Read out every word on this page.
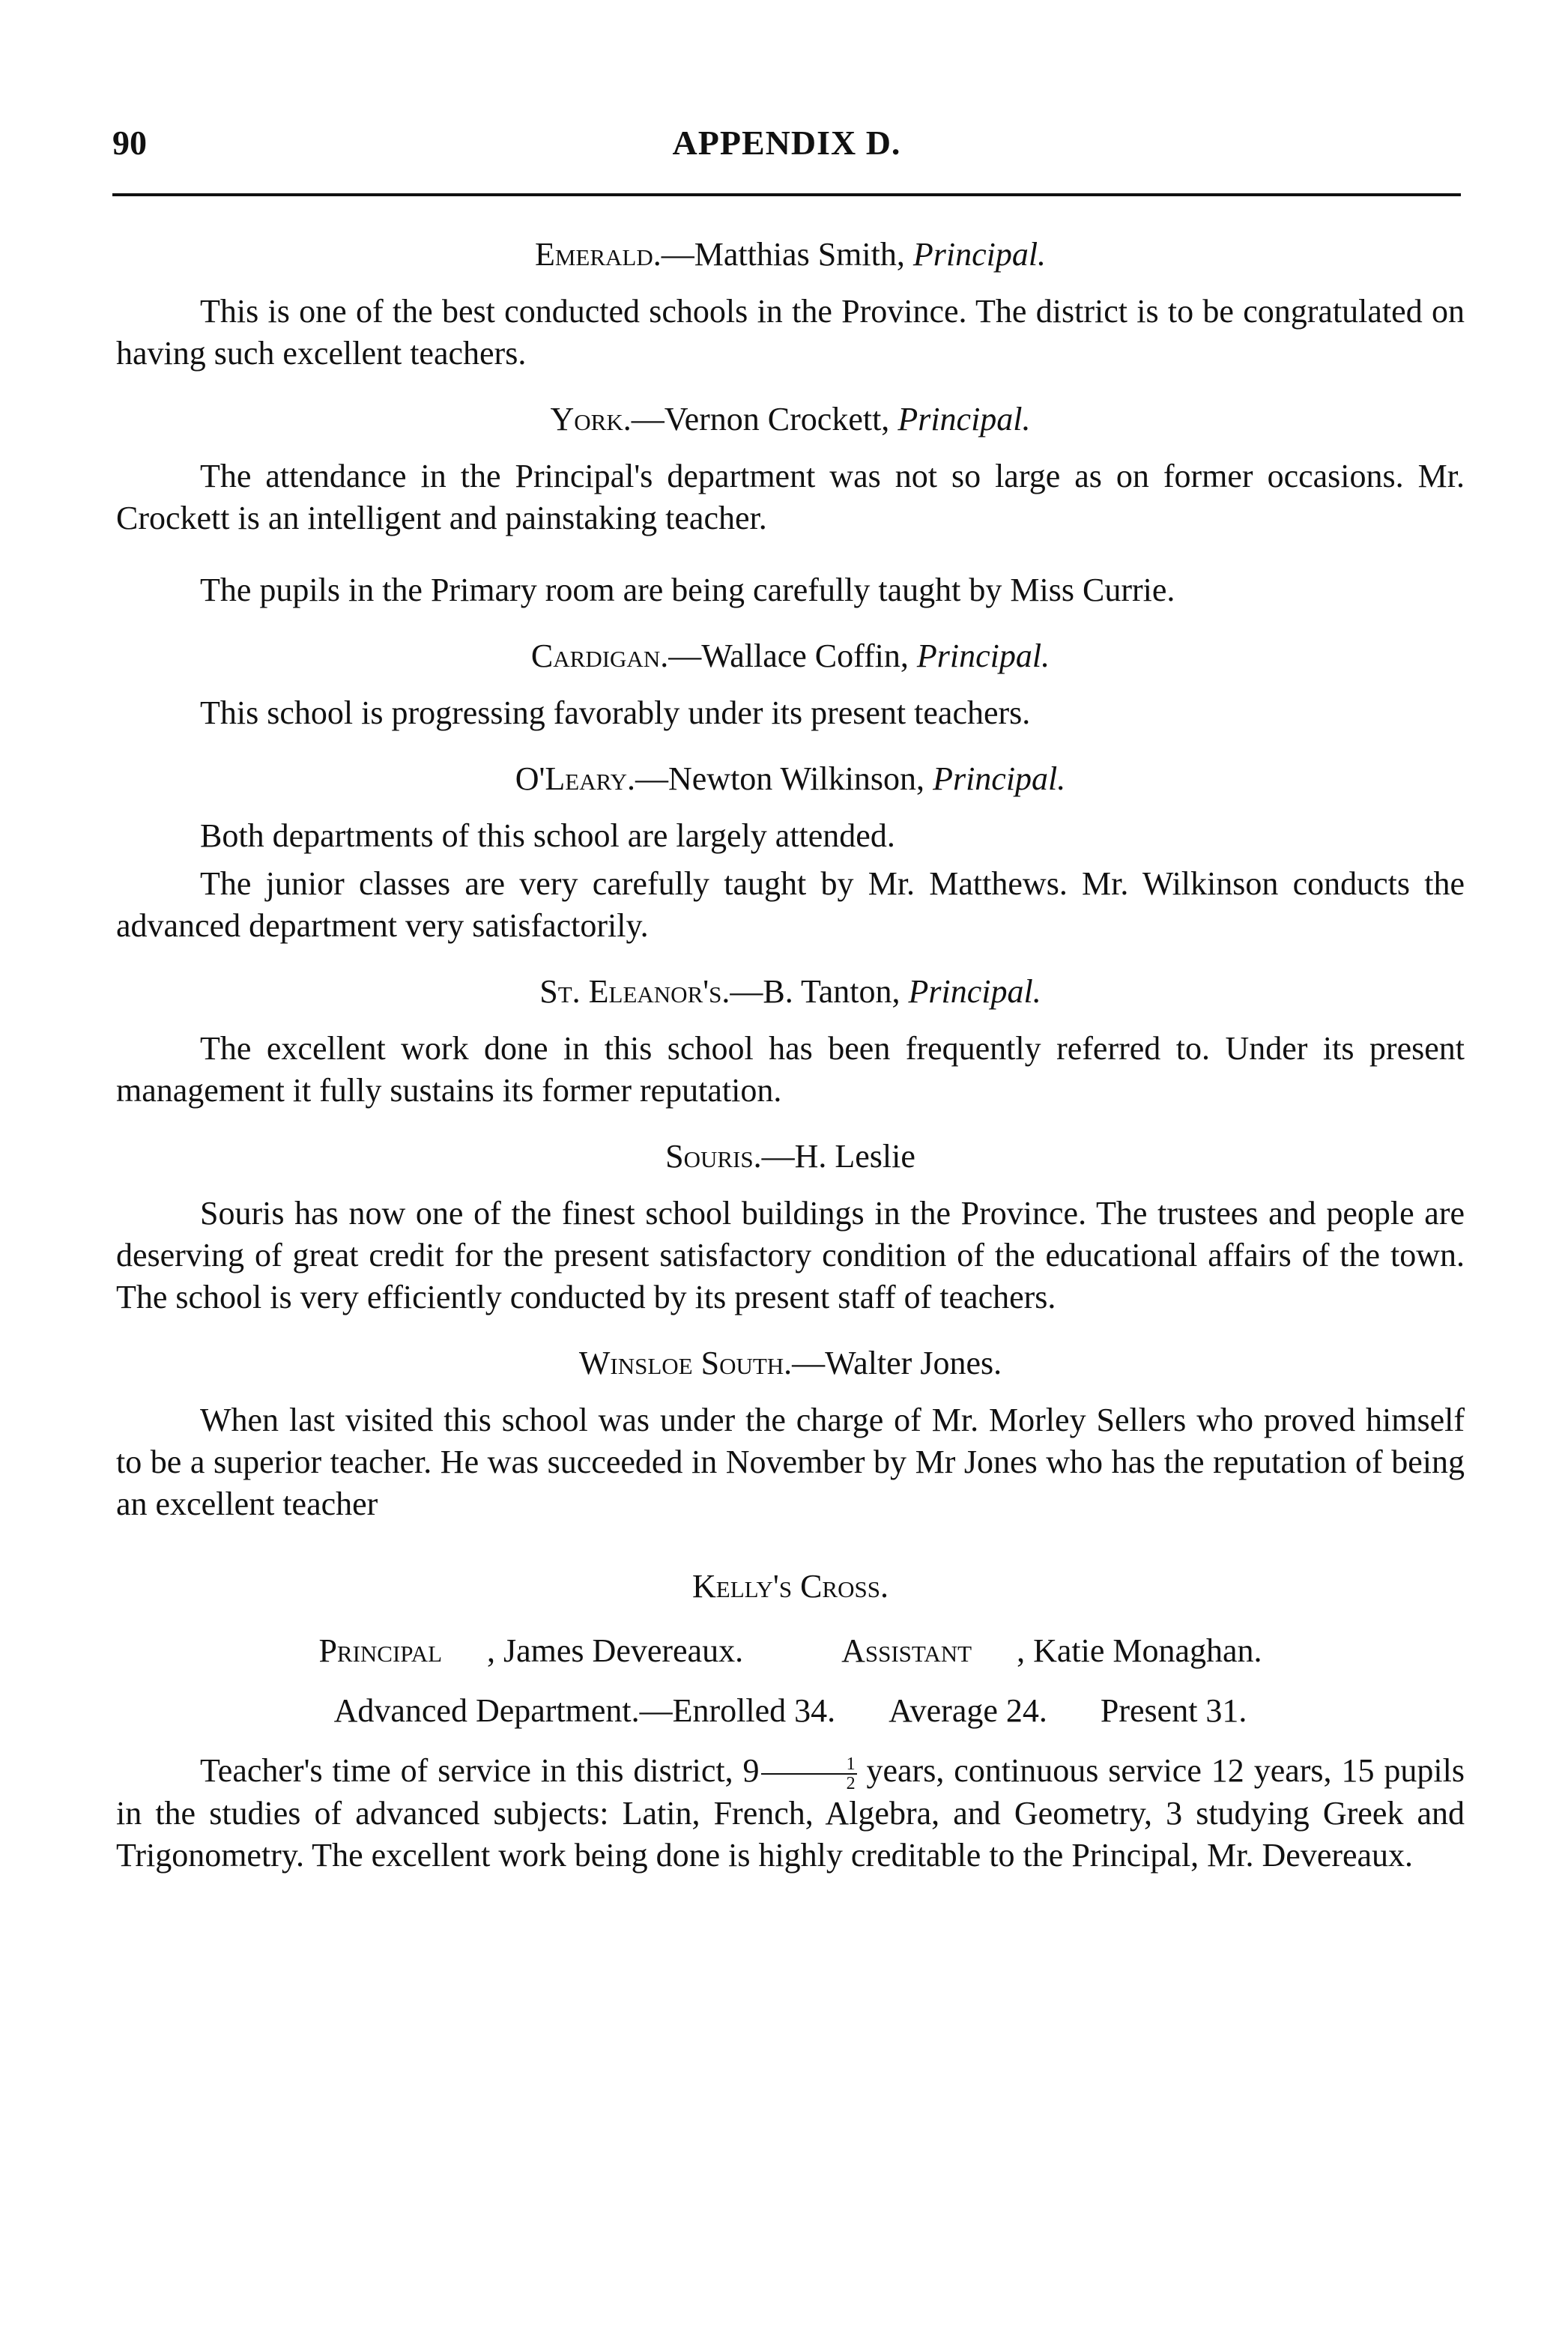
90	APPENDIX D.

Emerald.—Matthias Smith, Principal.

This is one of the best conducted schools in the Province. The district is to be congratulated on having such excellent teachers.

York.—Vernon Crockett, Principal.

The attendance in the Principal's department was not so large as on former occasions. Mr. Crockett is an intelligent and painstaking teacher.

The pupils in the Primary room are being carefully taught by Miss Currie.

Cardigan.—Wallace Coffin, Principal.

This school is progressing favorably under its present teachers.

O'Leary.—Newton Wilkinson, Principal.

Both departments of this school are largely attended.

The junior classes are very carefully taught by Mr. Matthews. Mr. Wilkinson conducts the advanced department very satisfactorily.

St. Eleanor's.—B. Tanton, Principal.

The excellent work done in this school has been frequently referred to. Under its present management it fully sustains its former reputation.

Souris.—H. Leslie

Souris has now one of the finest school buildings in the Province. The trustees and people are deserving of great credit for the present satisfactory condition of the educational affairs of the town. The school is very efficiently conducted by its present staff of teachers.

Winsloe South.—Walter Jones.

When last visited this school was under the charge of Mr. Morley Sellers who proved himself to be a superior teacher. He was succeeded in November by Mr Jones who has the reputation of being an excellent teacher

Kelly's Cross.

Principal , James Devereaux.	Assistant , Katie Monaghan.

Advanced Department.—Enrolled 34. Average 24. Present 31.

Teacher's time of service in this district, $9 \frac{1}{2}$ years, continuous service 12 years, 15 pupils in the studies of advanced subjects: Latin, French, Algebra, and Geometry, 3 studying Greek and Trigonometry. The excellent work being done is highly creditable to the Principal, Mr. Devereaux.
